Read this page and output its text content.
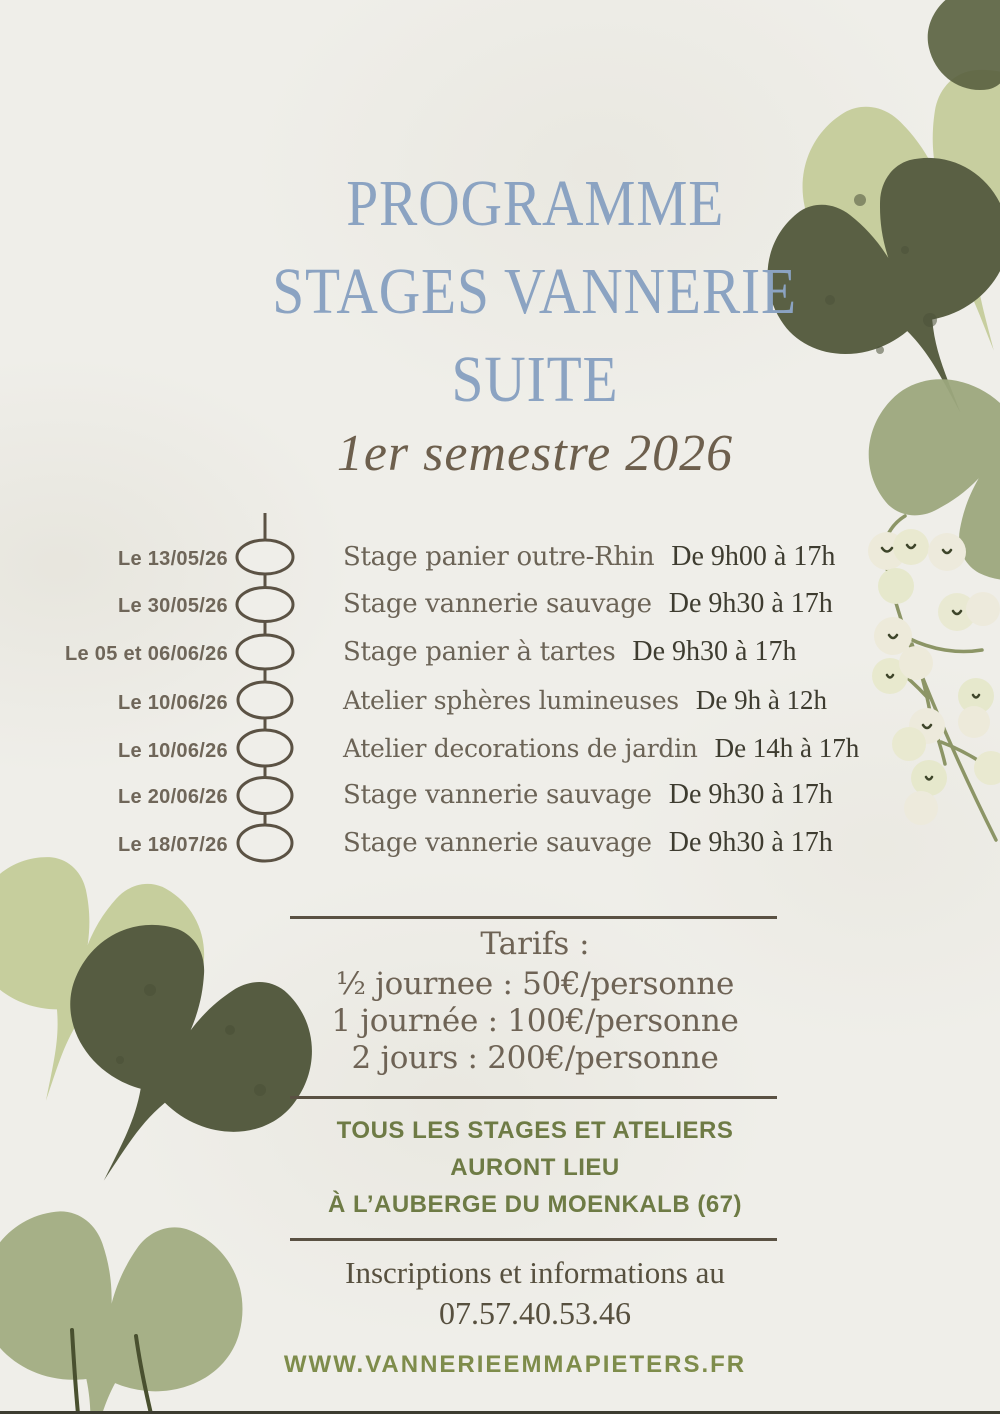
PROGRAMME
STAGES VANNERIE
SUITE
1er semestre 2026
Le 13/05/26	Stage panier outre-Rhin De 9h00 à 17h
Le 30/05/26	Stage vannerie sauvage De 9h30 à 17h
Le 05 et 06/06/26	Stage panier à tartes De 9h30 à 17h
Le 10/06/26	Atelier sphères lumineuses De 9h à 12h
Le 10/06/26	Atelier decorations de jardin De 14h à 17h
Le 20/06/26	Stage vannerie sauvage De 9h30 à 17h
Le 18/07/26	Stage vannerie sauvage De 9h30 à 17h
Tarifs :
½ journee : 50€/personne
1 journée : 100€/personne
2 jours : 200€/personne
TOUS LES STAGES ET ATELIERS
AURONT LIEU
À L’AUBERGE DU MOENKALB (67)
Inscriptions et informations au
07.57.40.53.46
WWW.VANNERIEEMMAPIETERS.FR
